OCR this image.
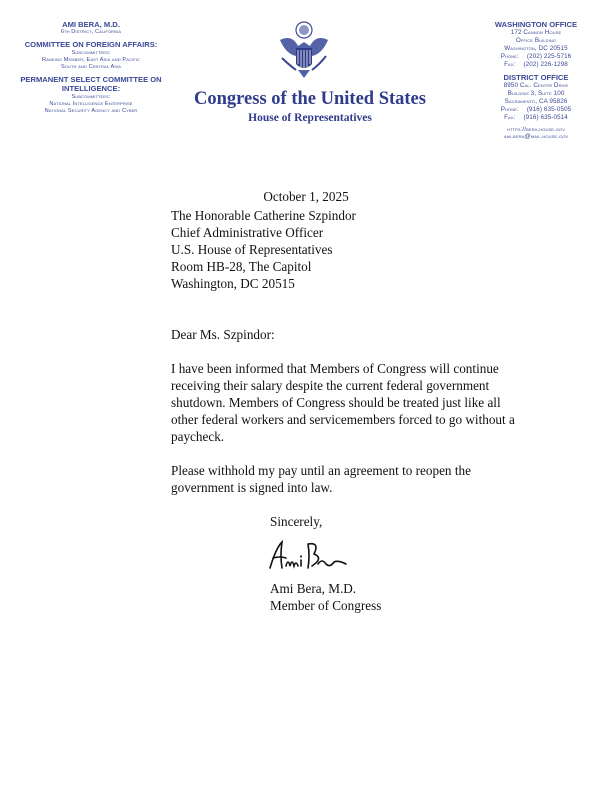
AMI BERA, M.D.
6th District, California
COMMITTEE ON FOREIGN AFFAIRS:
Subcommittees:
Ranking Member, East Asia and Pacific
South and Central Asia
PERMANENT SELECT COMMITTEE ON INTELLIGENCE:
Subcommittees:
National Intelligence Enterprise
National Security Agency and Cyber
Congress of the United States
House of Representatives
WASHINGTON OFFICE
172 Cannon House
Office Building
Washington, DC 20515
Phone: (202) 225-5716
Fax: (202) 226-1298
DISTRICT OFFICE
8950 Cal. Center Drive
Building 3, Suite 100
Sacramento, CA 95826
Phone: (916) 635-0505
Fax: (916) 635-0514
https://bera.house.gov
ami.bera@mail.house.gov
October 1, 2025
The Honorable Catherine Szpindor
Chief Administrative Officer
U.S. House of Representatives
Room HB-28, The Capitol
Washington, DC 20515
Dear Ms. Szpindor:
I have been informed that Members of Congress will continue receiving their salary despite the current federal government shutdown. Members of Congress should be treated just like all other federal workers and servicemembers forced to go without a paycheck.
Please withhold my pay until an agreement to reopen the government is signed into law.
Sincerely,
Ami Bera, M.D.
Member of Congress
